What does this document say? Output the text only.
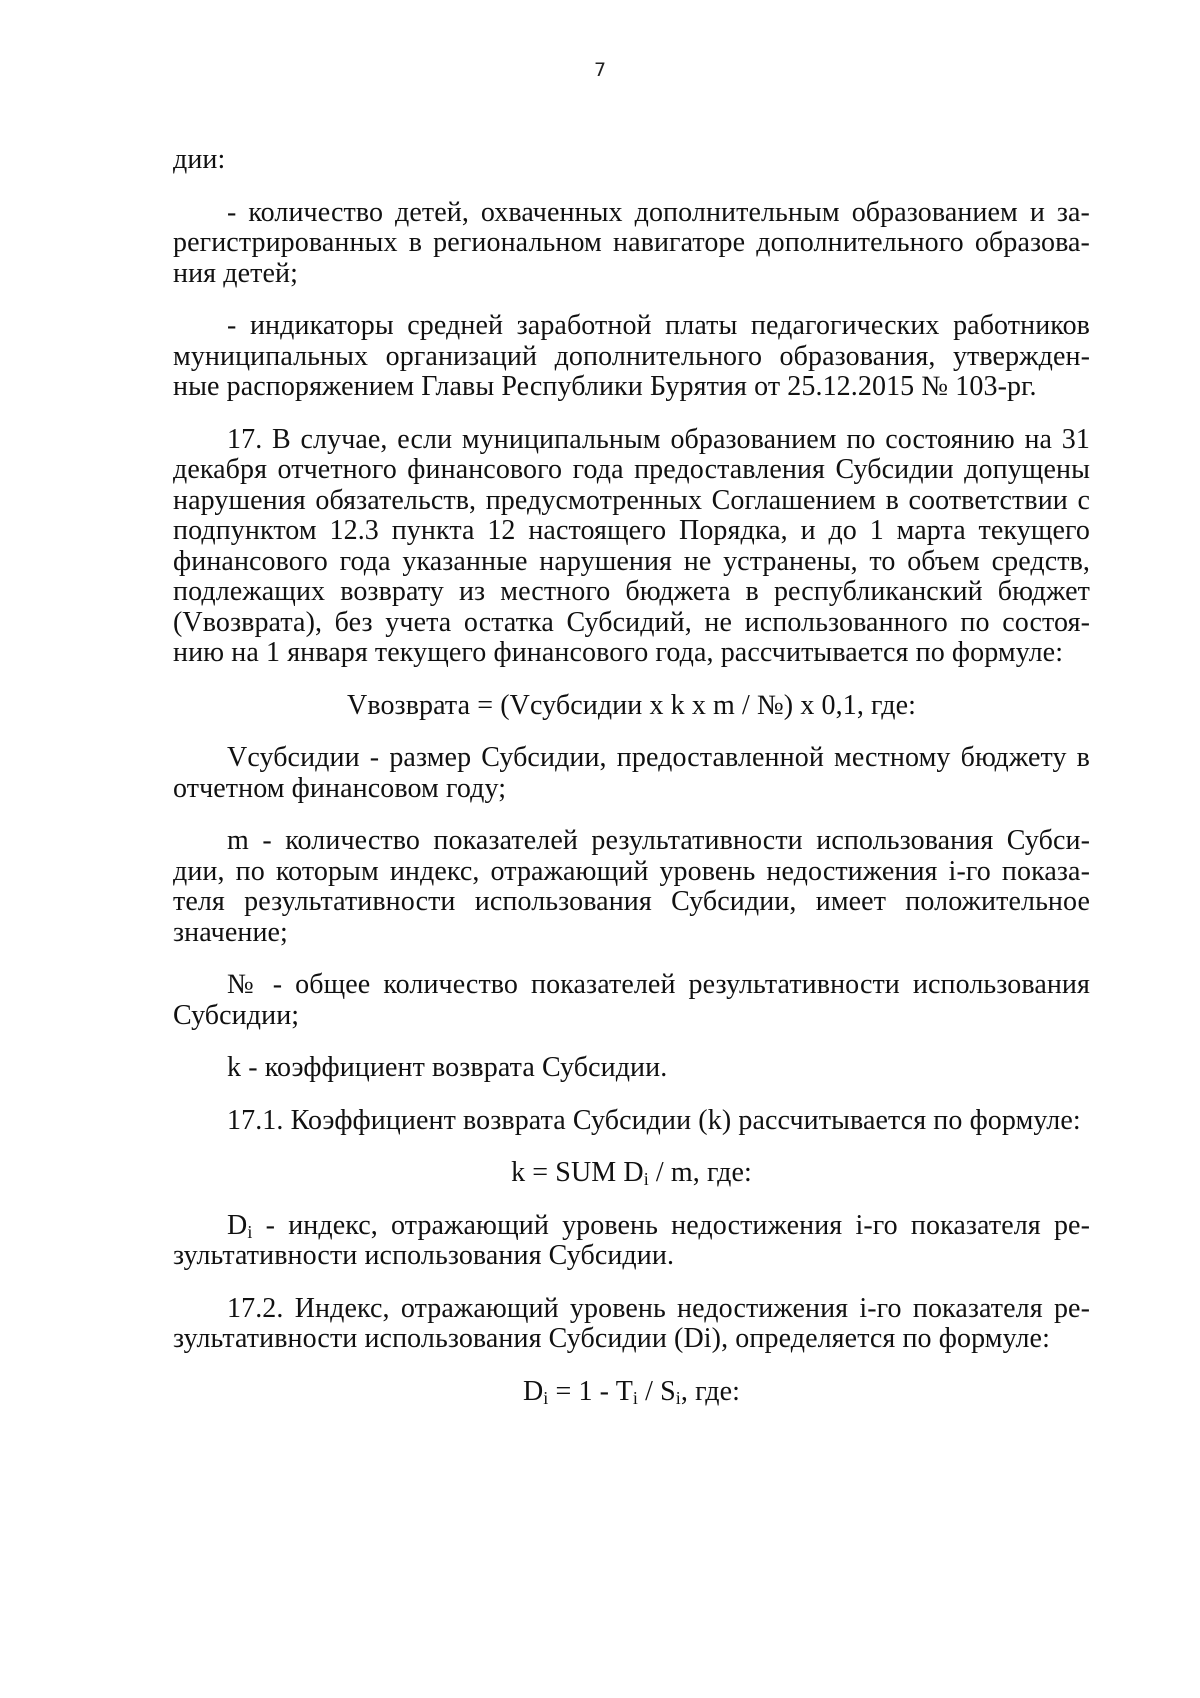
7

дии:

- количество детей, охваченных дополнительным образованием и за-регистрированных в региональном навигаторе дополнительного образова-ния детей;

- индикаторы средней заработной платы педагогических работников муниципальных организаций дополнительного образования, утвержден-ные распоряжением Главы Республики Бурятия от 25.12.2015 № 103-рг.

17. В случае, если муниципальным образованием по состоянию на 31 декабря отчетного финансового года предоставления Субсидии допущены нарушения обязательств, предусмотренных Соглашением в соответствии с подпунктом 12.3 пункта 12 настоящего Порядка, и до 1 марта текущего финансового года указанные нарушения не устранены, то объем средств, подлежащих возврату из местного бюджета в республиканский бюджет (Vвозврата), без учета остатка Субсидий, не использованного по состоя-нию на 1 января текущего финансового года, рассчитывается по формуле:

Vвозврата = (Vсубсидии x k x m / №) x 0,1, где:

Vсубсидии - размер Субсидии, предоставленной местному бюджету в отчетном финансовом году;

m - количество показателей результативности использования Субси-дии, по которым индекс, отражающий уровень недостижения i-го показа-теля результативности использования Субсидии, имеет положительное значение;

№ - общее количество показателей результативности использования Субсидии;

k - коэффициент возврата Субсидии.

17.1. Коэффициент возврата Субсидии (k) рассчитывается по формуле:

k = SUM $D_i$ / m, где:

$D_i$ - индекс, отражающий уровень недостижения i-го показателя ре-зультативности использования Субсидии.

17.2. Индекс, отражающий уровень недостижения i-го показателя ре-зультативности использования Субсидии (Di), определяется по формуле:

$D_i = 1 - T_i / S_i$, где:
